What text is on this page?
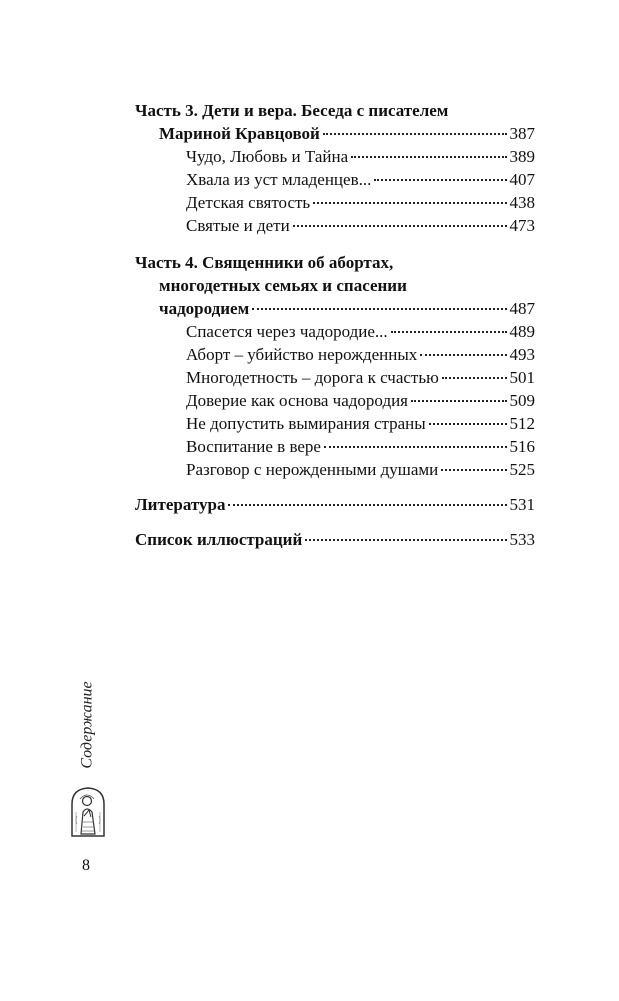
Часть 3. Дети и вера. Беседа с писателем
Мариной Кравцовой	387
Чудо, Любовь и Тайна	389
Хвала из уст младенцев...	407
Детская святость	438
Святые и дети	473
Часть 4. Священники об абортах,
многодетных семьях и спасении
чадородием	487
Спасется через чадородие...	489
Аборт – убийство нерожденных	493
Многодетность – дорога к счастью	501
Доверие как основа чадородия	509
Не допустить вымирания страны	512
Воспитание в вере	516
Разговор с нерожденными душами	525
Литература	531
Список иллюстраций	533
Содержание
8
